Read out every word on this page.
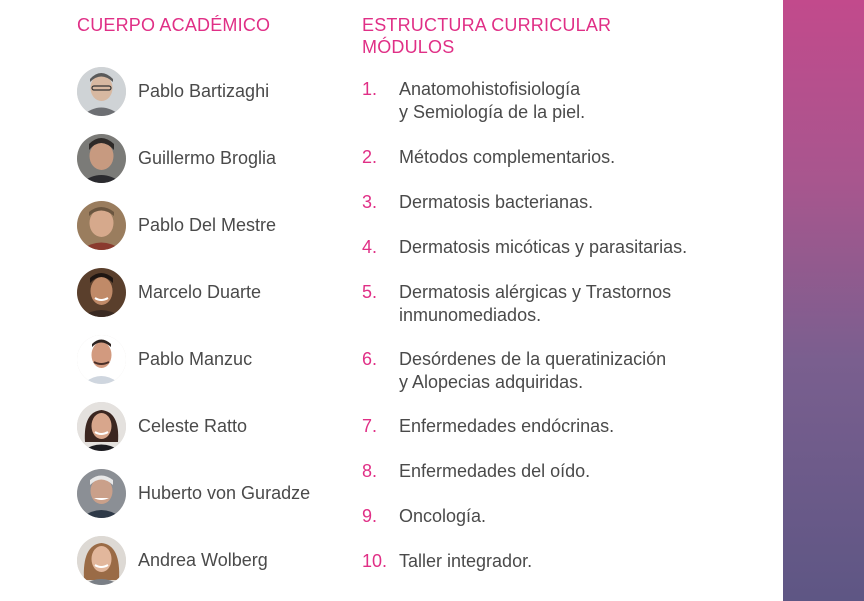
CUERPO ACADÉMICO	ESTRUCTURA CURRICULAR
MÓDULOS
Pablo Bartizaghi
Guillermo Broglia
Pablo Del Mestre
Marcelo Duarte
Pablo Manzuc
Celeste Ratto
Huberto von Guradze
Andrea Wolberg
1.	Anatomohistofisiología
y Semiología de la piel.
2.	Métodos complementarios.
3.	Dermatosis bacterianas.
4.	Dermatosis micóticas y parasitarias.
5.	Dermatosis alérgicas y Trastornos
inmunomediados.
6.	Desórdenes de la queratinización
y Alopecias adquiridas.
7.	Enfermedades endócrinas.
8.	Enfermedades del oído.
9.	Oncología.
10. Taller integrador.
